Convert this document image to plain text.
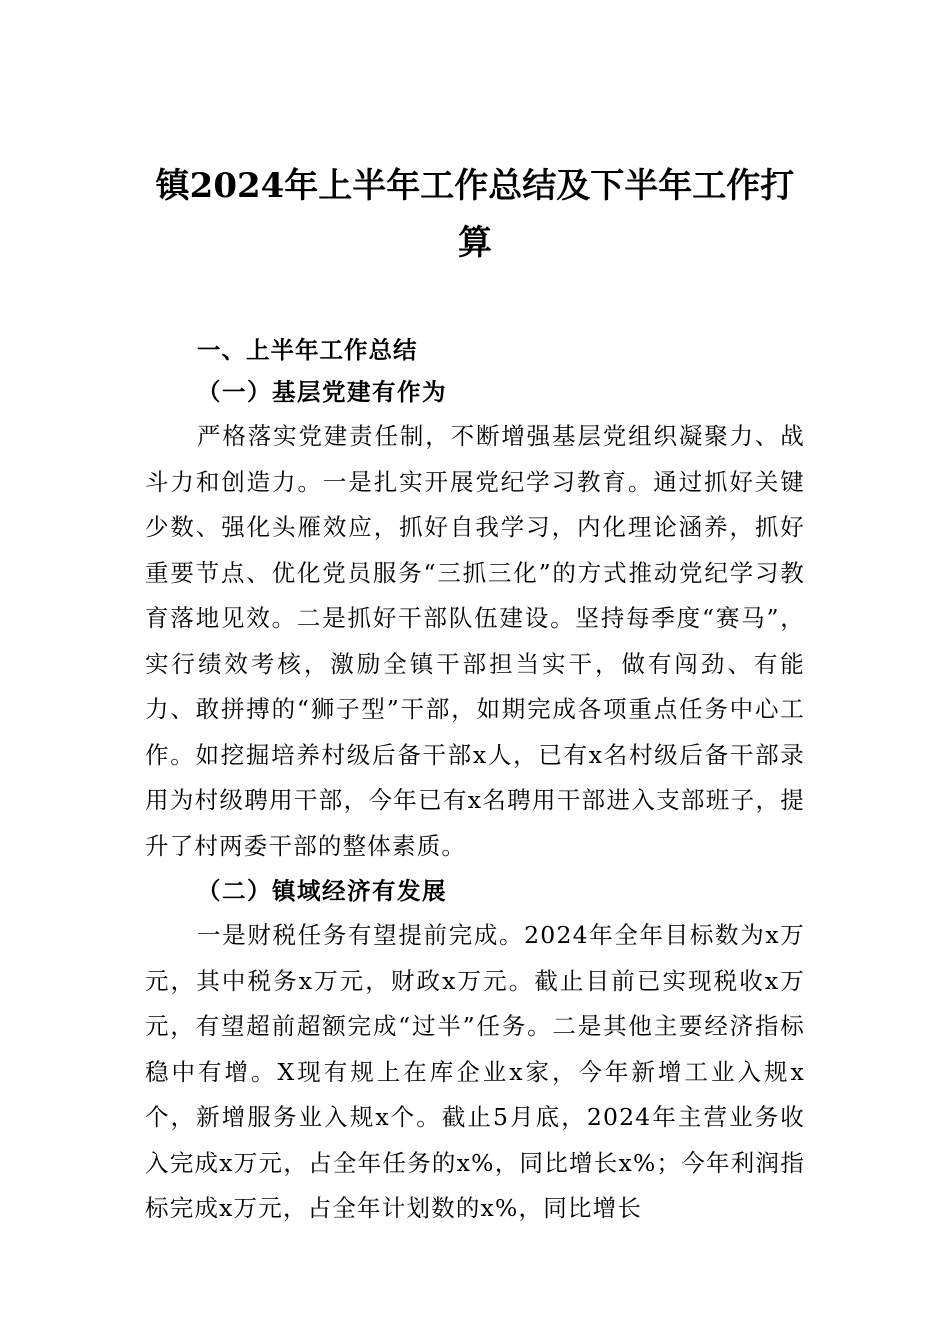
镇2024年上半年工作总结及下半年工作打算
一、上半年工作总结
（一）基层党建有作为

严格落实党建责任制，不断增强基层党组织凝聚力、战斗力和创造力。一是扎实开展党纪学习教育。通过抓好关键少数、强化头雁效应，抓好自我学习，内化理论涵养，抓好重要节点、优化党员服务“三抓三化”的方式推动党纪学习教育落地见效。二是抓好干部队伍建设。坚持每季度“赛马”，实行绩效考核，激励全镇干部担当实干，做有闯劲、有能力、敢拼搏的“狮子型”干部，如期完成各项重点任务中心工作。如挖掘培养村级后备干部x人，已有x名村级后备干部录用为村级聘用干部，今年已有x名聘用干部进入支部班子，提升了村两委干部的整体素质。

（二）镇域经济有发展

一是财税任务有望提前完成。2024年全年目标数为x万元，其中税务x万元，财政x万元。截止目前已实现税收x万元，有望超前超额完成“过半”任务。二是其他主要经济指标稳中有增。X现有规上在库企业x家，今年新增工业入规x个，新增服务业入规x个。截止5月底，2024年主营业务收入完成x万元，占全年任务的x%，同比增长x%；今年利润指标完成x万元，占全年计划数的x%，同比增长
